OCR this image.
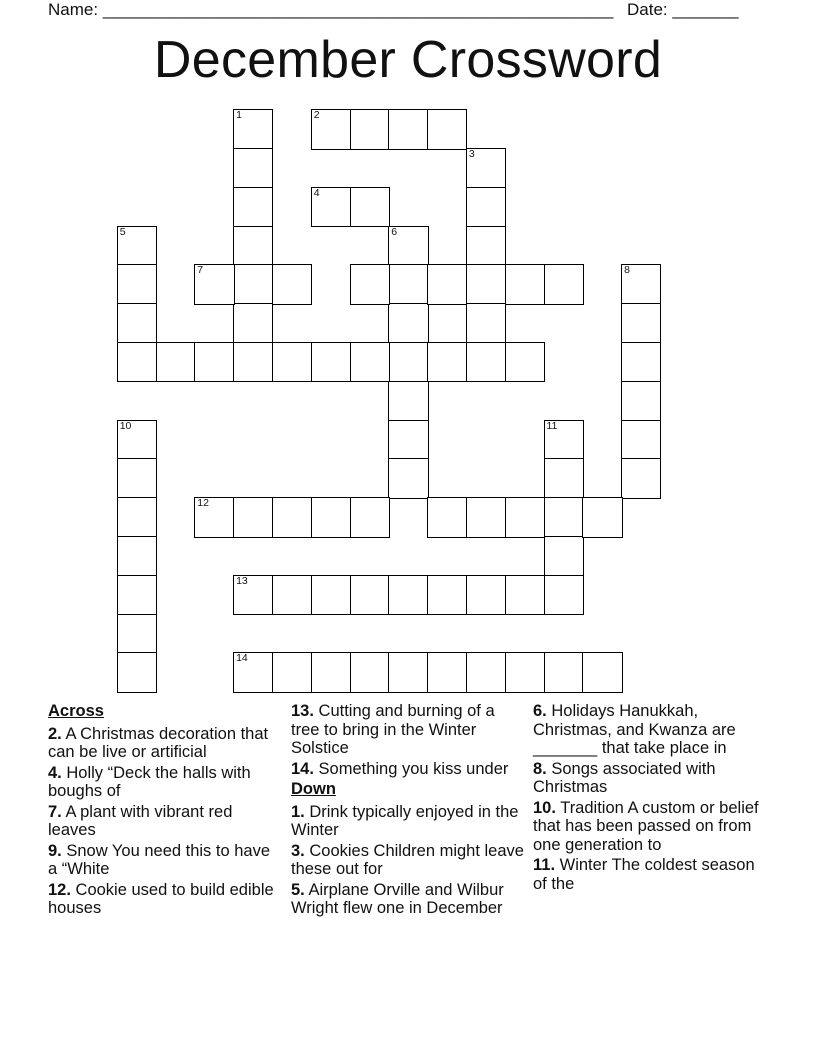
Name: ______________________________________________________ Date: _______
December Crossword
1	2
3
4
5	6
7	8
10	11
12
13
14
Across
2. A Christmas decoration that can be live or artificial
4. Holly “Deck the halls with boughs of
7. A plant with vibrant red leaves
9. Snow You need this to have a “White
12. Cookie used to build edible houses
13. Cutting and burning of a tree to bring in the Winter Solstice
14. Something you kiss under
Down
1. Drink typically enjoyed in the Winter
3. Cookies Children might leave these out for
5. Airplane Orville and Wilbur Wright flew one in December
6. Holidays Hanukkah, Christmas, and Kwanza are _______ that take place in
8. Songs associated with Christmas
10. Tradition A custom or belief that has been passed on from one generation to
11. Winter The coldest season of the
